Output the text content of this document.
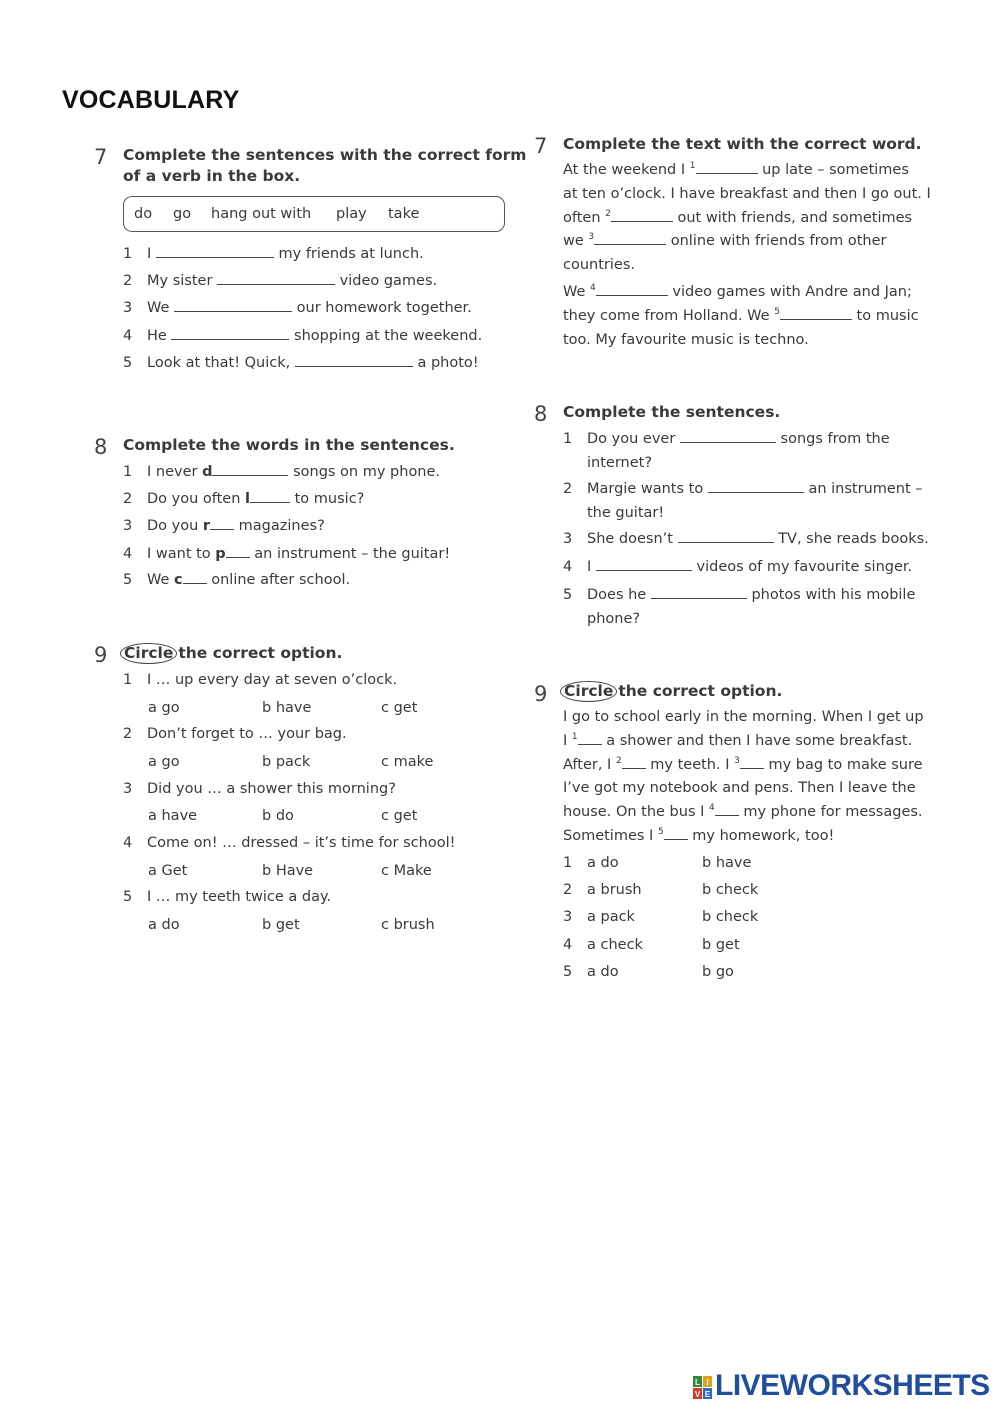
VOCABULARY
7 Complete the sentences with the correct form
of a verb in the box.
do go hang out with play take
1 I	my friends at lunch.
2 My sister	video games.
3 We	our homework together.
4 He	shopping at the weekend.
5 Look at that! Quick,	a photo!
8 Complete the words in the sentences.
1 I never d	songs on my phone.
2 Do you often l	to music?
3 Do you r magazines?
4 I want to p an instrument – the guitar!
5 We c online after school.
9 Circle the correct option.
1 I … up every day at seven o’clock.
a go	b have	c get
2 Don’t forget to … your bag.
a go	b pack	c make
3 Did you … a shower this morning?
a have	b do	c get
4 Come on! … dressed – it’s time for school!
a Get	b Have	c Make
5 I … my teeth twice a day.
a do	b get	c brush
7 Complete the text with the correct word.
At the weekend I $^1$	up late – sometimes
at ten o’clock. I have breakfast and then I go out. I
often $^2$	out with friends, and sometimes
we $^3$	online with friends from other
countries.
We $^4$	video games with Andre and Jan;
they come from Holland. We $^5$	to music
too. My favourite music is techno.
8 Complete the sentences.
1 Do you ever	songs from the
internet?
2 Margie wants to	an instrument –
the guitar!
3 She doesn’t	TV, she reads books.
4 I	videos of my favourite singer.
5 Does he	photos with his mobile
phone?
9 Circle the correct option.
I go to school early in the morning. When I get up
I $^1$ a shower and then I have some breakfast.
After, I $^2$ my teeth. I $^3$ my bag to make sure
I’ve got my notebook and pens. Then I leave the
house. On the bus I $^4$ my phone for messages.
Sometimes I $^5$ my homework, too!
1 a do	b have
2 a brush	b check
3 a pack	b check
4 a check	b get
5 a do	b go
L I
V E LIVEWORKSHEETS
